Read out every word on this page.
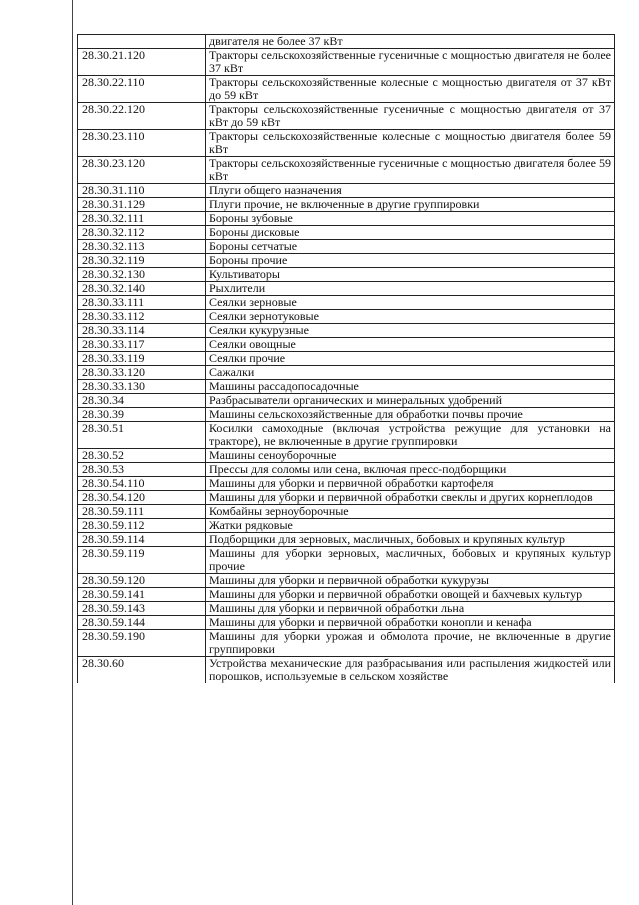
	двигателя не более 37 кВт
28.30.21.120	Тракторы сельскохозяйственные гусеничные с мощностью двигателя не более 37 кВт
28.30.22.110	Тракторы сельскохозяйственные колесные с мощностью двигателя от 37 кВт до 59 кВт
28.30.22.120	Тракторы сельскохозяйственные гусеничные с мощностью двигателя от 37 кВт до 59 кВт
28.30.23.110	Тракторы сельскохозяйственные колесные с мощностью двигателя более 59 кВт
28.30.23.120	Тракторы сельскохозяйственные гусеничные с мощностью двигателя более 59 кВт
28.30.31.110	Плуги общего назначения
28.30.31.129	Плуги прочие, не включенные в другие группировки
28.30.32.111	Бороны зубовые
28.30.32.112	Бороны дисковые
28.30.32.113	Бороны сетчатые
28.30.32.119	Бороны прочие
28.30.32.130	Культиваторы
28.30.32.140	Рыхлители
28.30.33.111	Сеялки зерновые
28.30.33.112	Сеялки зернотуковые
28.30.33.114	Сеялки кукурузные
28.30.33.117	Сеялки овощные
28.30.33.119	Сеялки прочие
28.30.33.120	Сажалки
28.30.33.130	Машины рассадопосадочные
28.30.34	Разбрасыватели органических и минеральных удобрений
28.30.39	Машины сельскохозяйственные для обработки почвы прочие
28.30.51	Косилки самоходные (включая устройства режущие для установки на тракторе), не включенные в другие группировки
28.30.52	Машины сеноуборочные
28.30.53	Прессы для соломы или сена, включая пресс-подборщики
28.30.54.110	Машины для уборки и первичной обработки картофеля
28.30.54.120	Машины для уборки и первичной обработки свеклы и других корнеплодов
28.30.59.111	Комбайны зерноуборочные
28.30.59.112	Жатки рядковые
28.30.59.114	Подборщики для зерновых, масличных, бобовых и крупяных культур
28.30.59.119	Машины для уборки зерновых, масличных, бобовых и крупяных культур прочие
28.30.59.120	Машины для уборки и первичной обработки кукурузы
28.30.59.141	Машины для уборки и первичной обработки овощей и бахчевых культур
28.30.59.143	Машины для уборки и первичной обработки льна
28.30.59.144	Машины для уборки и первичной обработки конопли и кенафа
28.30.59.190	Машины для уборки урожая и обмолота прочие, не включенные в другие группировки
28.30.60	Устройства механические для разбрасывания или распыления жидкостей или порошков, используемые в сельском хозяйстве
